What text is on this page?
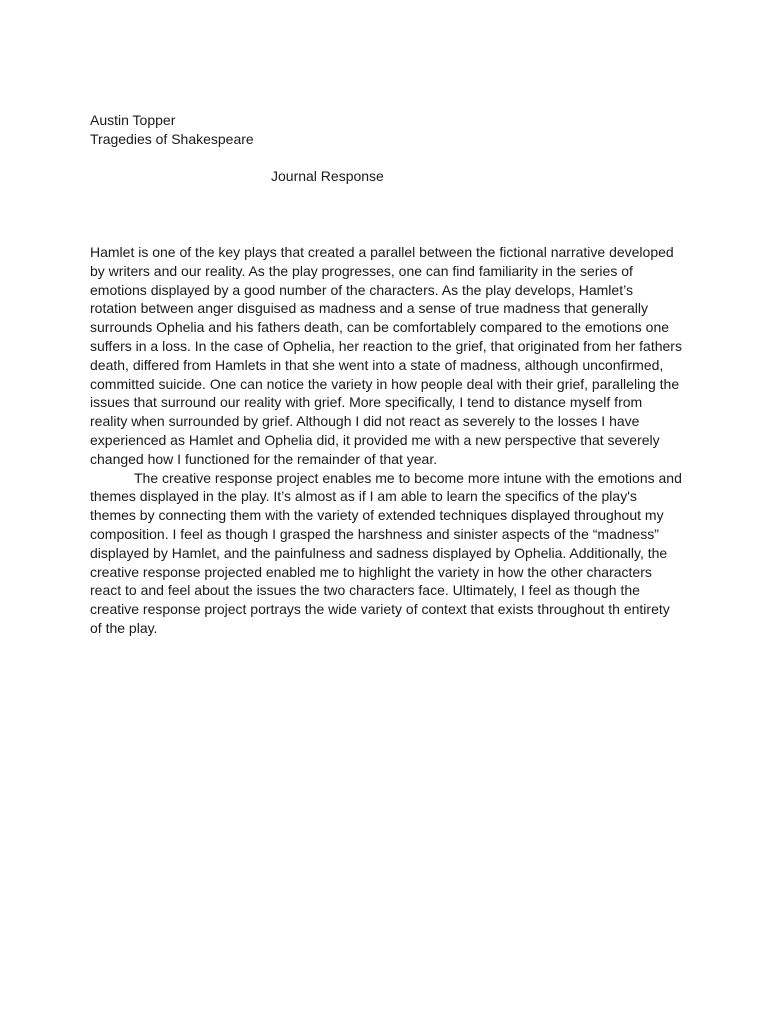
Austin Topper
Tragedies of Shakespeare
Journal Response

Hamlet is one of the key plays that created a parallel between the fictional narrative developed by writers and our reality. As the play progresses, one can find familiarity in the series of emotions displayed by a good number of the characters. As the play develops, Hamlet’s rotation between anger disguised as madness and a sense of true madness that generally surrounds Ophelia and his fathers death, can be comfortablely compared to the emotions one suffers in a loss. In the case of Ophelia, her reaction to the grief, that originated from her fathers death, differed from Hamlets in that she went into a state of madness, although unconfirmed, committed suicide. One can notice the variety in how people deal with their grief, paralleling the issues that surround our reality with grief. More specifically, I tend to distance myself from reality when surrounded by grief. Although I did not react as severely to the losses I have experienced as Hamlet and Ophelia did, it provided me with a new perspective that severely changed how I functioned for the remainder of that year.

The creative response project enables me to become more intune with the emotions and themes displayed in the play. It’s almost as if I am able to learn the specifics of the play's themes by connecting them with the variety of extended techniques displayed throughout my composition. I feel as though I grasped the harshness and sinister aspects of the “madness” displayed by Hamlet, and the painfulness and sadness displayed by Ophelia. Additionally, the creative response projected enabled me to highlight the variety in how the other characters react to and feel about the issues the two characters face. Ultimately, I feel as though the creative response project portrays the wide variety of context that exists throughout th entirety of the play.
